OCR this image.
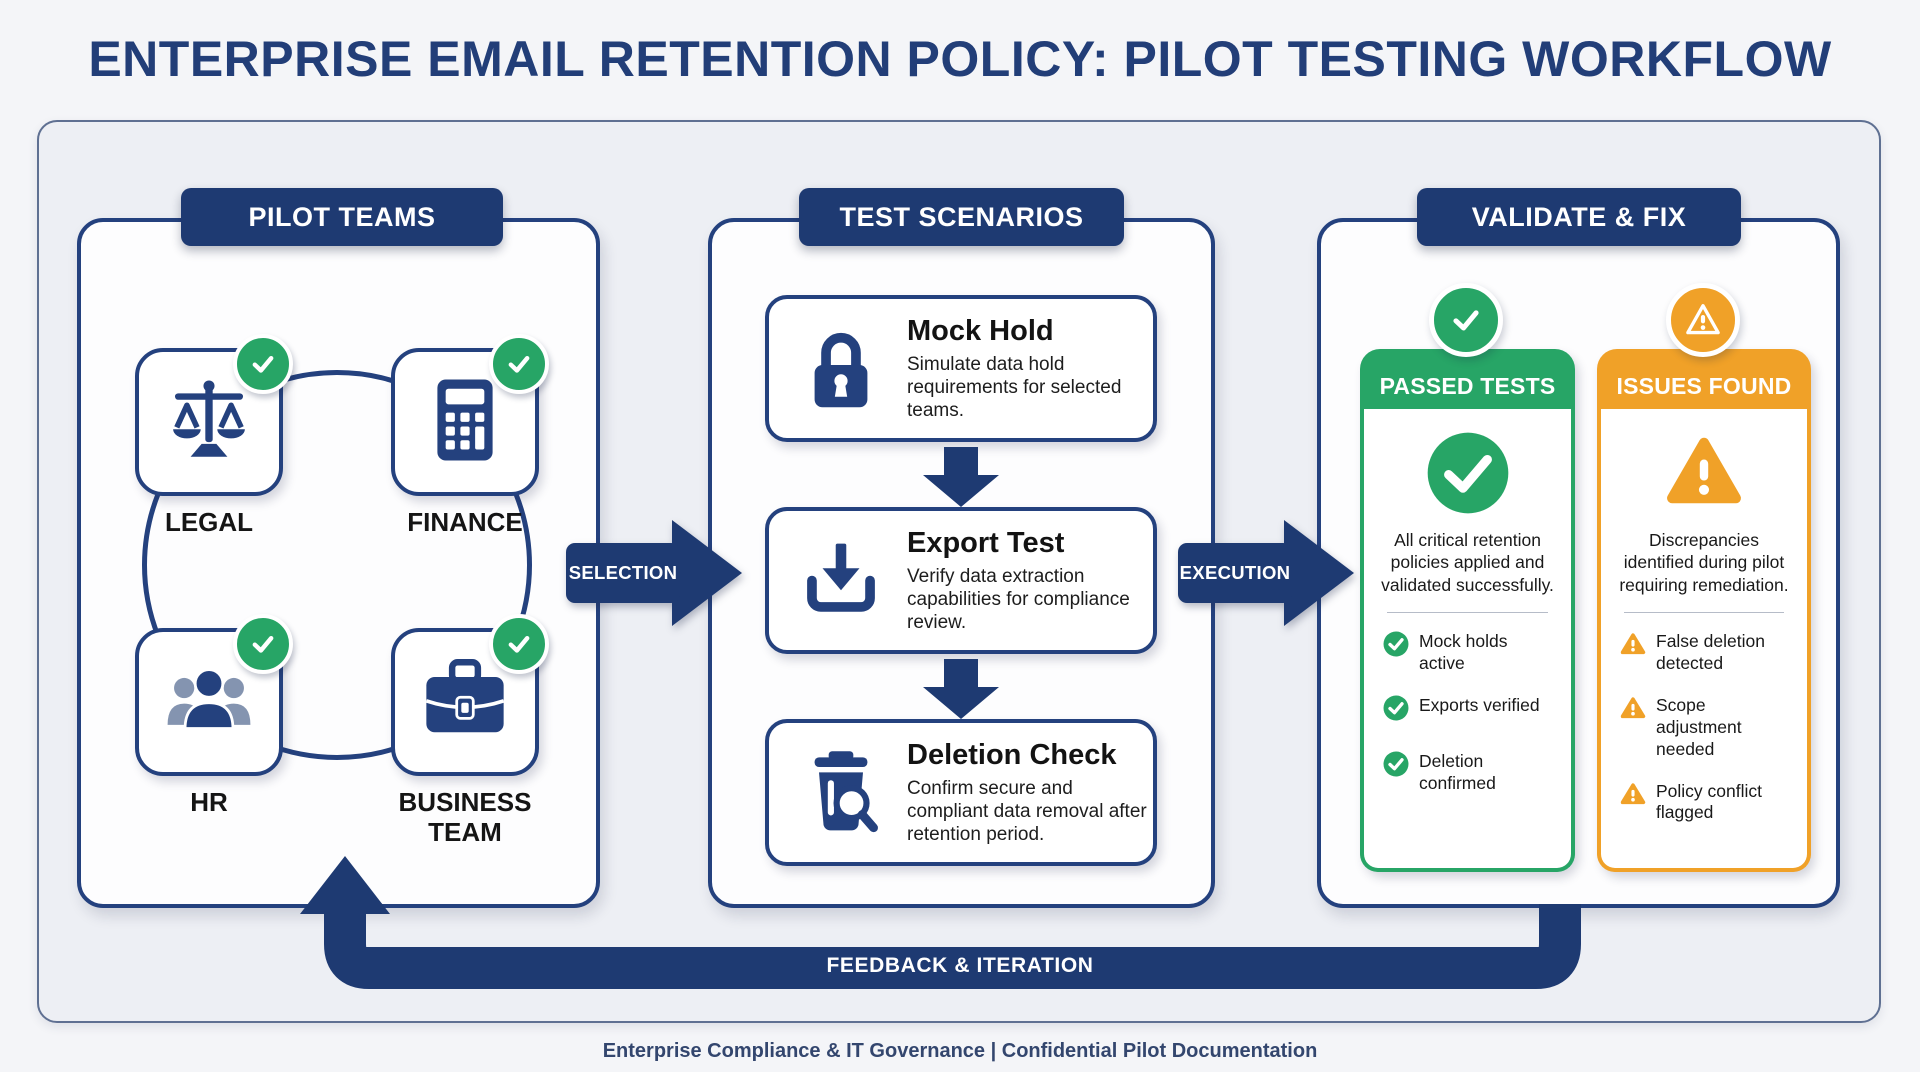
ENTERPRISE EMAIL RETENTION POLICY: PILOT TESTING WORKFLOW
LEGAL	FINANCE
HR	BUSINESS TEAM
PILOT TEAMS
SELECTION
Mock Hold
Simulate data hold requirements for selected teams.
Export Test
Verify data extraction capabilities for compliance review.
Deletion Check
Confirm secure and compliant data removal after retention period.
TEST SCENARIOS
EXECUTION
PASSED TESTS
All critical retention policies applied and validated successfully.
Mock holds active
Exports verified
Deletion confirmed
ISSUES FOUND
Discrepancies identified during pilot requiring remediation.
False deletion detected
Scope adjustment needed
Policy conflict flagged
VALIDATE & FIX
FEEDBACK & ITERATION
Enterprise Compliance & IT Governance | Confidential Pilot Documentation
